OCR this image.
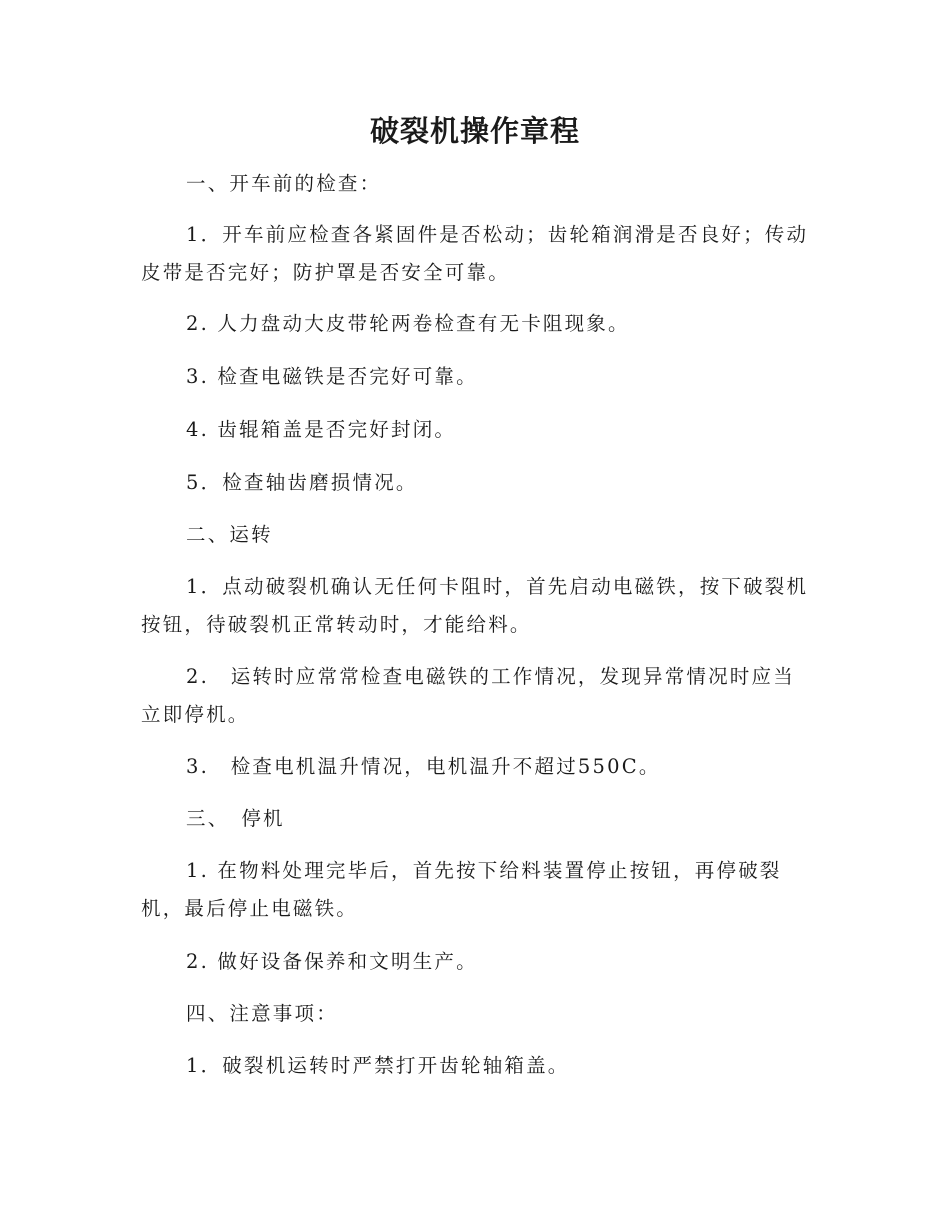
破裂机操作章程

一、开车前的检查：

1．开车前应检查各紧固件是否松动；齿轮箱润滑是否良好；传动皮带是否完好；防护罩是否安全可靠。

2. 人力盘动大皮带轮两卷检查有无卡阻现象。

3. 检查电磁铁是否完好可靠。

4. 齿辊箱盖是否完好封闭。

5．检查轴齿磨损情况。

二、运转

1．点动破裂机确认无任何卡阻时，首先启动电磁铁，按下破裂机按钮，待破裂机正常转动时，才能给料。

2.　运转时应常常检查电磁铁的工作情况，发现异常情况时应当立即停机。

3.　检查电机温升情况，电机温升不超过550C。

三、　停机

1. 在物料处理完毕后，首先按下给料装置停止按钮，再停破裂机，最后停止电磁铁。

2. 做好设备保养和文明生产。

四、注意事项：

1．破裂机运转时严禁打开齿轮轴箱盖。
